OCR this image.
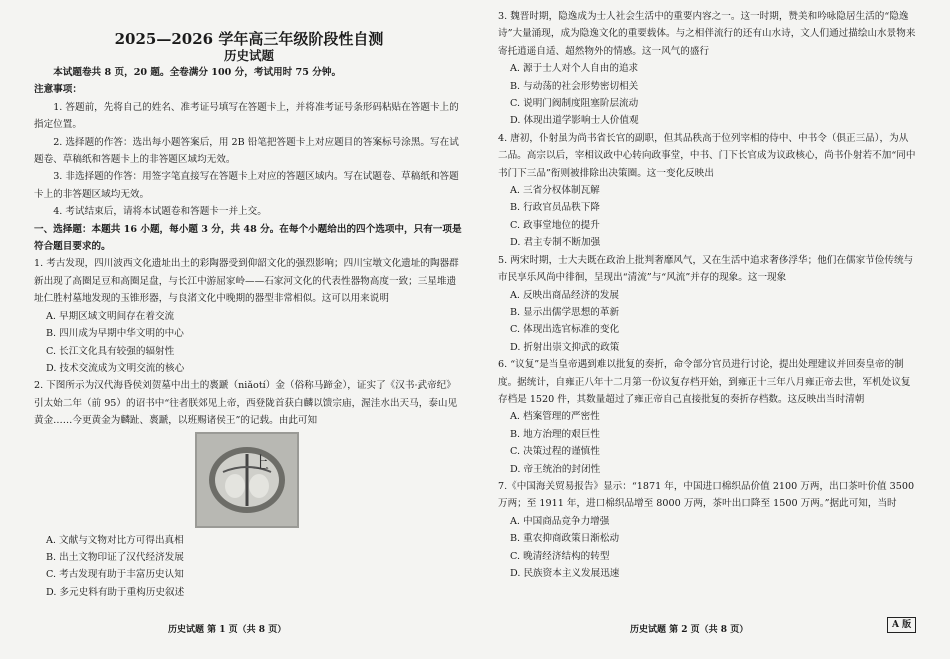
2025—2026 学年高三年级阶段性自测

历史试题

本试题卷共 8 页，20 题。全卷满分 100 分，考试用时 75 分钟。

注意事项：

1. 答题前，先将自己的姓名、准考证号填写在答题卡上，并将准考证号条形码粘贴在答题卡上的指定位置。

2. 选择题的作答：选出每小题答案后，用 2B 铅笔把答题卡上对应题目的答案标号涂黑。写在试题卷、草稿纸和答题卡上的非答题区域均无效。

3. 非选择题的作答：用签字笔直接写在答题卡上对应的答题区域内。写在试题卷、草稿纸和答题卡上的非答题区域均无效。

4. 考试结束后，请将本试题卷和答题卡一并上交。

一、选择题：本题共 16 小题，每小题 3 分，共 48 分。在每个小题给出的四个选项中，只有一项是符合题目要求的。

1. 考古发现，四川波西文化遗址出土的彩陶器受到仰韶文化的强烈影响；四川宝墩文化遗址的陶器群新出现了高圈足豆和高圈足盘，与长江中游屈家岭——石家河文化的代表性器物高度一致；三星堆遗址仁胜村墓地发现的玉锥形器，与良渚文化中晚期的器型非常相似。这可以用来说明

A. 早期区域文明间存在着交流

B. 四川成为早期中华文明的中心

C. 长江文化具有较强的辐射性

D. 技术交流成为文明交流的核心

2. 下图所示为汉代海昏侯刘贺墓中出土的褭蹏（niǎotí）金（俗称马蹄金），证实了《汉书·武帝纪》引太始二年（前 95）的诏书中“往者朕郊见上帝，西登陇首获白麟以馈宗庙，渥洼水出天马，泰山见黄金……今更黄金为麟趾、褭蹏，以班赐诸侯王”的记载。由此可知

上

A. 文献与文物对比方可得出真相

B. 出土文物印证了汉代经济发展

C. 考古发现有助于丰富历史认知

D. 多元史料有助于重构历史叙述

3. 魏晋时期，隐逸成为士人社会生活中的重要内容之一。这一时期，赞美和吟咏隐居生活的“隐逸诗”大量涌现，成为隐逸文化的重要载体。与之相伴流行的还有山水诗，文人们通过描绘山水景物来寄托逍遥自适、超然物外的情感。这一风气的盛行

A. 源于士人对个人自由的追求

B. 与动荡的社会形势密切相关

C. 说明门阀制度阻塞阶层流动

D. 体现出道学影响士人价值观

4. 唐初，仆射虽为尚书省长官的副职，但其品秩高于位列宰相的侍中、中书令（俱正三品），为从二品。高宗以后，宰相议政中心转向政事堂，中书、门下长官成为议政核心，尚书仆射若不加“同中书门下三品”衔则被排除出决策圈。这一变化反映出

A. 三省分权体制瓦解

B. 行政官员品秩下降

C. 政事堂地位的提升

D. 君主专制不断加强

5. 两宋时期，士大夫既在政治上批判奢靡风气，又在生活中追求奢侈浮华；他们在儒家节俭传统与市民享乐风尚中徘徊，呈现出“清流”与“风流”并存的现象。这一现象

A. 反映出商品经济的发展

B. 显示出儒学思想的革新

C. 体现出选官标准的变化

D. 折射出崇文抑武的政策

6. “议复”是当皇帝遇到难以批复的奏折，命令部分官员进行讨论，提出处理建议并回奏皇帝的制度。据统计，自雍正八年十二月第一份议复存档开始，到雍正十三年八月雍正帝去世，军机处议复存档是 1520 件，其数量超过了雍正帝自己直接批复的奏折存档数。这反映出当时清朝

A. 档案管理的严密性

B. 地方治理的艰巨性

C. 决策过程的谨慎性

D. 帝王统治的封闭性

7.《中国海关贸易报告》显示：“1871 年，中国进口棉织品价值 2100 万两，出口茶叶价值 3500 万两；至 1911 年，进口棉织品增至 8000 万两，茶叶出口降至 1500 万两。”据此可知，当时

A. 中国商品竞争力增强

B. 重农抑商政策日渐松动

C. 晚清经济结构的转型

D. 民族资本主义发展迅速

历史试题 第 1 页（共 8 页）	历史试题 第 2 页（共 8 页）	A 版
